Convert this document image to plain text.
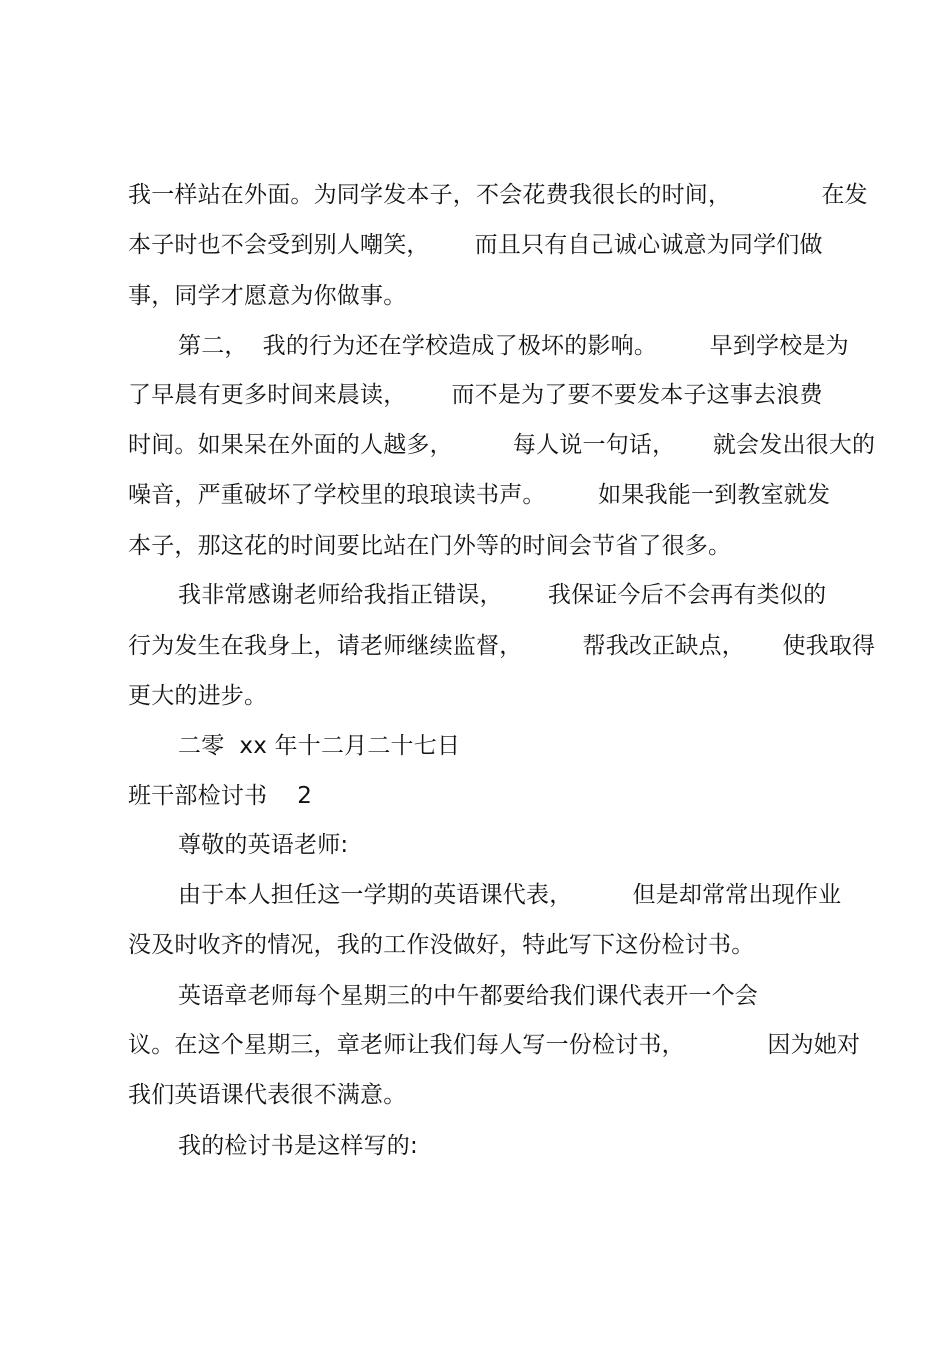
我一样站在外面。为同学发本子，不会花费我很长的时间，            在发
本子时也不会受到别人嘲笑，      而且只有自己诚心诚意为同学们做
事，同学才愿意为你做事。
第二，  我的行为还在学校造成了极坏的影响。       早到学校是为
了早晨有更多时间来晨读，      而不是为了要不要发本子这事去浪费
时间。如果呆在外面的人越多，        每人说一句话，     就会发出很大的
噪音，严重破坏了学校里的琅琅读书声。       如果我能一到教室就发
本子，那这花的时间要比站在门外等的时间会节省了很多。
我非常感谢老师给我指正错误，      我保证今后不会再有类似的
行为发生在我身上，请老师继续监督，        帮我改正缺点，     使我取得
更大的进步。
二零  xx 年十二月二十七日
班干部检讨书    2
尊敬的英语老师:
由于本人担任这一学期的英语课代表，        但是却常常出现作业
没及时收齐的情况，我的工作没做好，特此写下这份检讨书。
英语章老师每个星期三的中午都要给我们课代表开一个会
议。在这个星期三，章老师让我们每人写一份检讨书，           因为她对
我们英语课代表很不满意。
我的检讨书是这样写的:
